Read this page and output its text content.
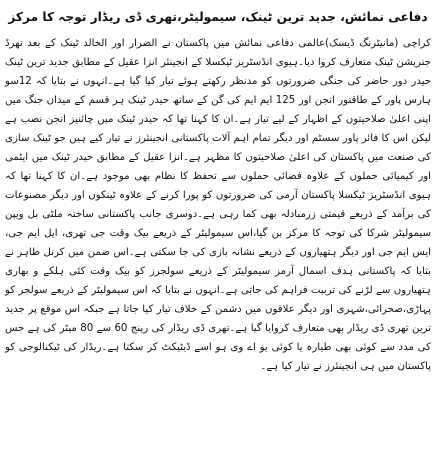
دفاعی نمائش، جدید ترین ٹینک، سیمولیٹر،تھری ڈی ریڈار توجہ کا مرکز

کراچی (مانیٹرنگ ڈیسک)عالمی دفاعی نمائش میں پاکستان نے الضرار اور الخالد ٹینک کے بعد تھرڈ جنریشن ٹینک متعارف کروا دیا۔ہیوی انڈسٹریز ٹیکسلا کے انجینئر انزا عقیل کے مطابق جدید ترین ٹینک حیدر دور حاضر کی جنگی ضرورتوں کو مدنظر رکھتے ہوئے تیار کیا گیا ہے۔انہوں نے بتایا کہ 12سو ہارس پاور کے طاقتور انجن اور 125 ایم ایم کی گن کے ساتھ حیدر ٹینک ہر قسم کے میدان جنگ میں اپنی اعلیٰ صلاحیتوں کے اظہار کے لیے تیار ہے۔ان کا کہنا تھا کہ حیدر ٹینک میں چائنیز انجن نصب ہے لیکن اس کا فائر پاور سسٹم اور دیگر تمام اہم آلات پاکستانی انجینئرز نے تیار کیے ہیں جو ٹینک سازی کی صنعت میں پاکستان کی اعلیٰ صلاحیتوں کا مظہر ہے۔انزا عقیل کے مطابق حیدر ٹینک میں ایٹمی اور کیمیائی حملوں کے علاوہ فضائی حملوں سے تحفظ کا نظام بھی موجود ہے۔ان کا کہنا تھا کہ ہیوی انڈسٹریز ٹیکسلا پاکستان آرمی کی ضرورتوں کو پورا کرنے کے علاوہ ٹینکوں اور دیگر مصنوعات کی برآمد کے ذریعے قیمتی زرمبادلہ بھی کما رہی ہے۔دوسری جانب پاکستانی ساختہ ملٹی بل ویپن سیمولیٹر شرکا کی توجہ کا مرکز بن گیا،اس سیمولیٹر کے ذریعے بیک وقت جی تھری، ایل ایم جی، ایس ایم جی اور دیگر ہتھیاروں کے ذریعے نشانہ بازی کی جا سکتی ہے۔اس ضمن میں کرنل طاہر نے بتایا کہ پاکستانی ہدف اسمال آرمز سیمولیٹر کے ذریعے سولجرز کو بیک وقت کئی ہلکے و بھاری ہتھیاروں سے لڑنے کی تربیت فراہم کی جاتی ہے۔انہوں نے بتایا کہ اس سیمولیٹر کے ذریعے سولجر کو پہاڑی،صحرائی،شہری اور دیگر علاقوں میں دشمن کے خلاف تیار کیا جاتا ہے جبکہ اس موقع پر جدید ترین تھری ڈی ریڈار بھی متعارف کروایا گیا ہے۔تھری ڈی ریڈار کی رینج 60 سے 80 میٹر کی ہے جس کی مدد سے کوئی بھی طیارہ یا کوئی یو اے وی ہو اسے ڈیٹیکٹ کر سکتا ہے۔ریڈار کی ٹیکنالوجی کو پاکستان میں ہی انجینئرز نے تیار کیا ہے۔
